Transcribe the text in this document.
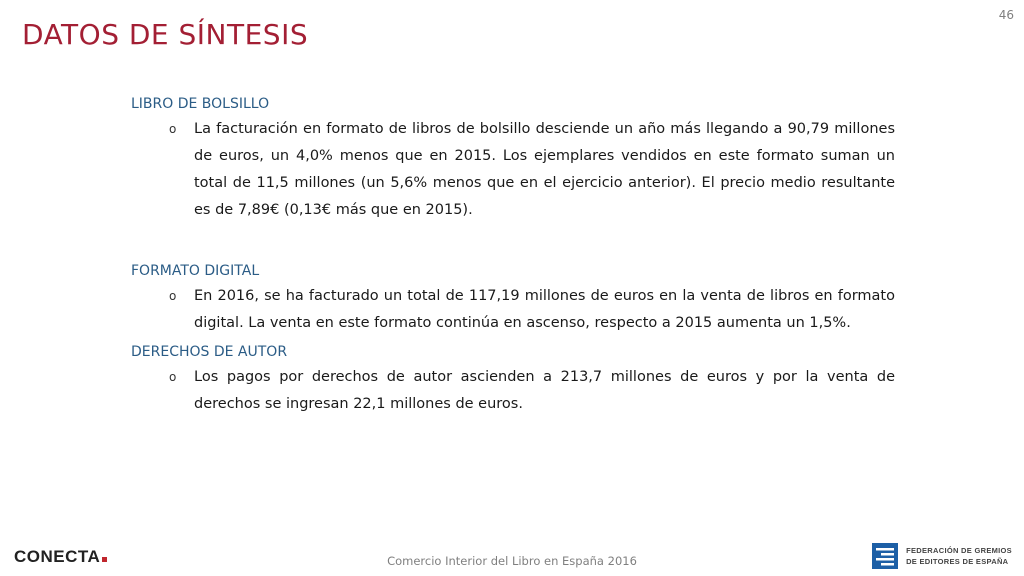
46
DATOS DE SÍNTESIS
LIBRO DE BOLSILLO
o La facturación en formato de libros de bolsillo desciende un año más llegando a 90,79 millones de euros, un 4,0% menos que en 2015. Los ejemplares vendidos en este formato suman un total de 11,5 millones (un 5,6% menos que en el ejercicio anterior). El precio medio resultante es de 7,89€ (0,13€ más que en 2015).
FORMATO DIGITAL
o En 2016, se ha facturado un total de 117,19 millones de euros en la venta de libros en formato digital. La venta en este formato continúa en ascenso, respecto a 2015 aumenta un 1,5%.
DERECHOS DE AUTOR
o Los pagos por derechos de autor ascienden a 213,7 millones de euros y por la venta de derechos se ingresan 22,1 millones de euros.
CONECTA	Comercio Interior del Libro en España 2016
FEDERACIÓN DE GREMIOS
DE EDITORES DE ESPAÑA
